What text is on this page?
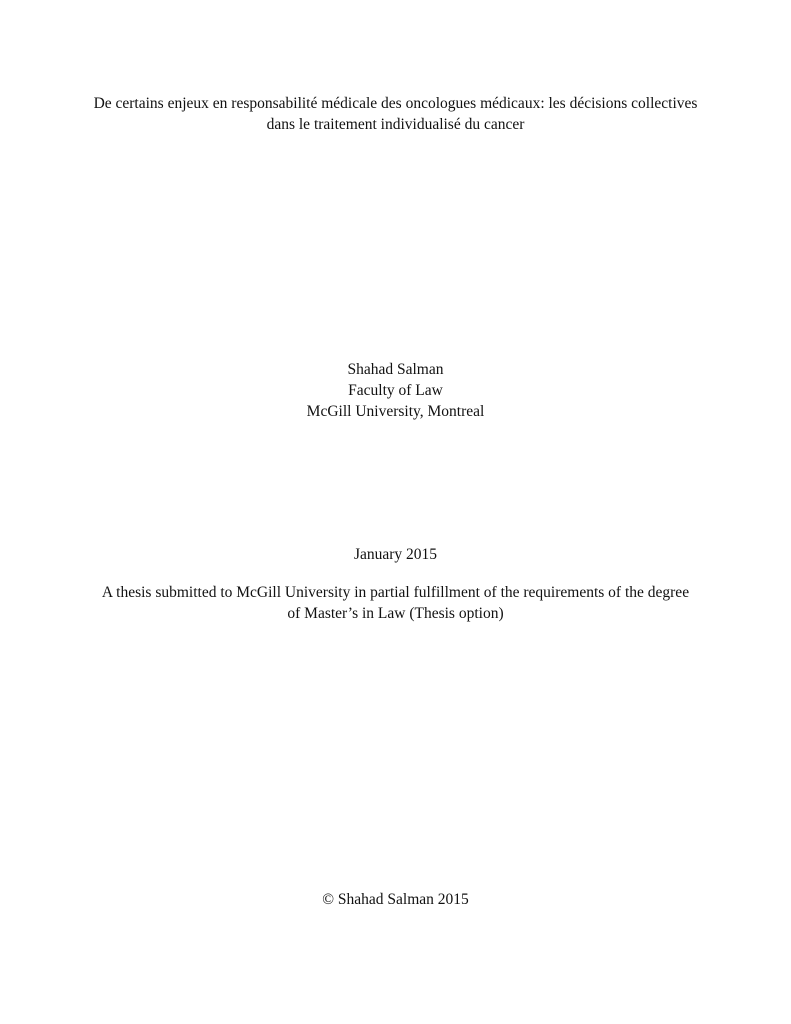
De certains enjeux en responsabilité médicale des oncologues médicaux: les décisions collectives
dans le traitement individualisé du cancer
Shahad Salman
Faculty of Law
McGill University, Montreal
January 2015
A thesis submitted to McGill University in partial fulfillment of the requirements of the degree
of Master’s in Law (Thesis option)
© Shahad Salman 2015
